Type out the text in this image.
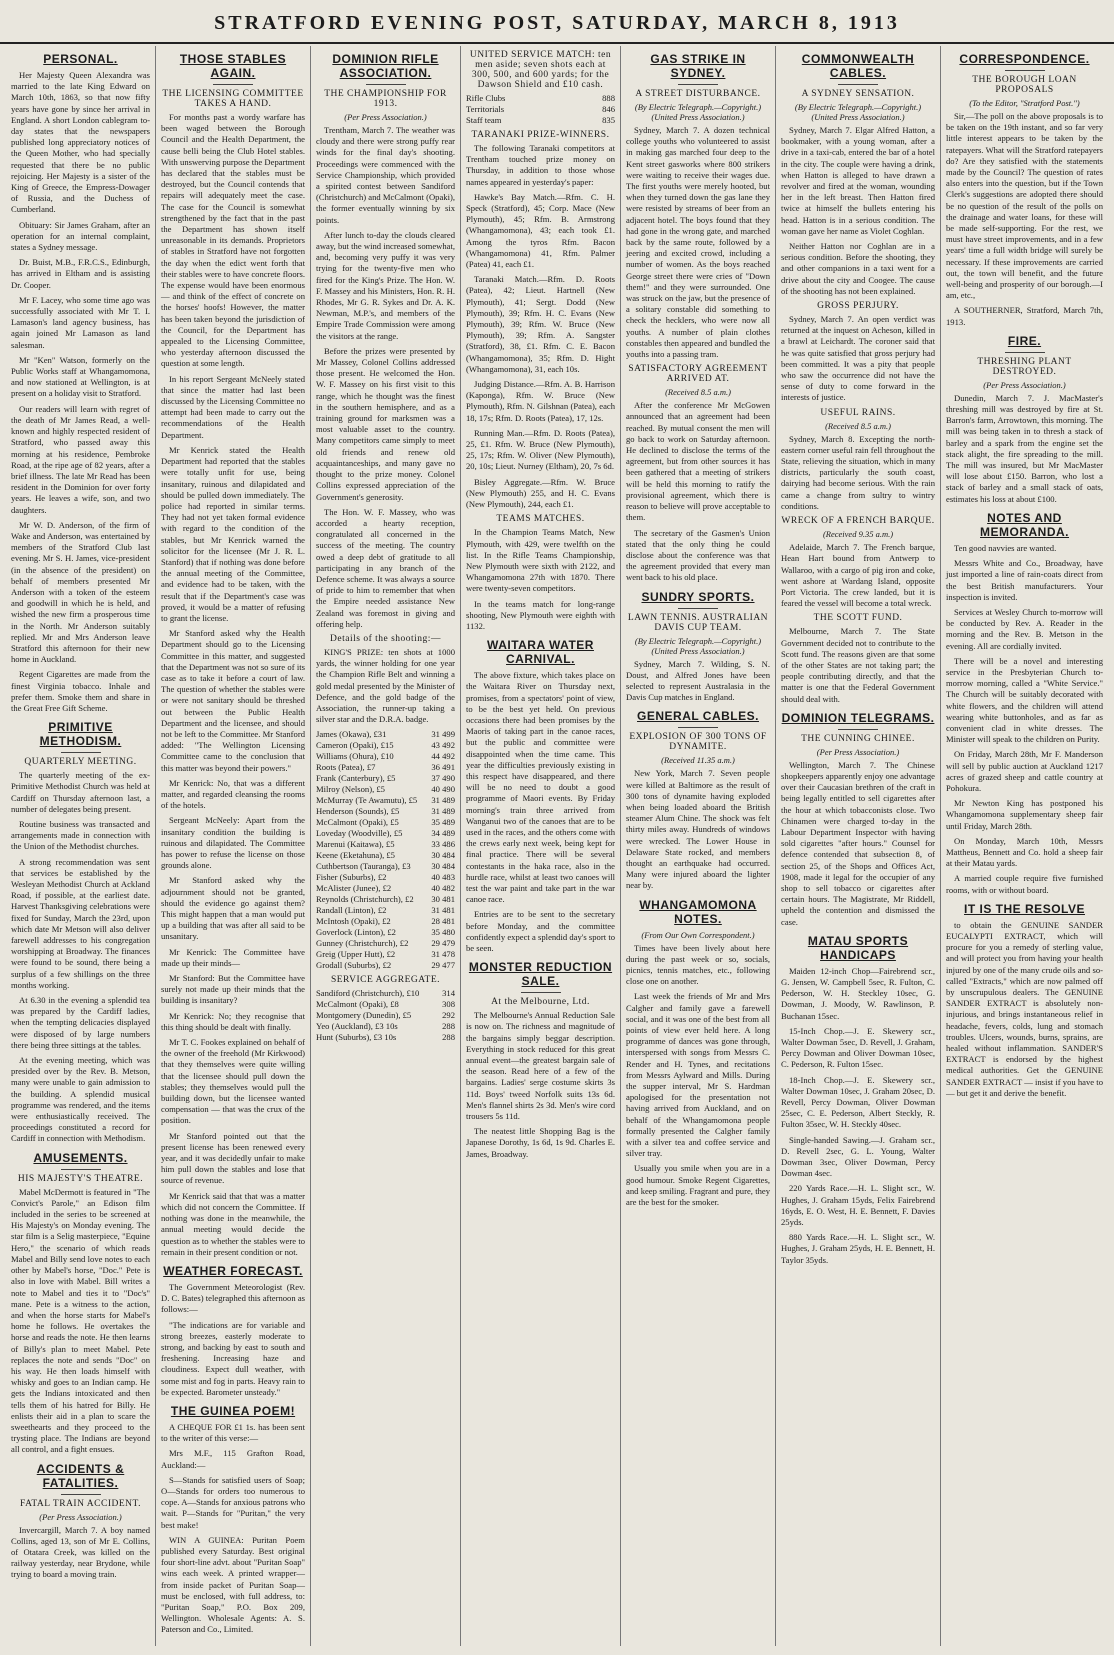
STRATFORD EVENING POST, SATURDAY, MARCH 8, 1913
PERSONAL.

Her Majesty Queen Alexandra was married to the late King Edward on March 10th, 1863, so that now fifty years have gone by since her arrival in England. A short London cablegram to-day states that the newspapers published long appreciatory notices of the Queen Mother, who had specially requested that there be no public rejoicing. Her Majesty is a sister of the King of Greece, the Empress-Dowager of Russia, and the Duchess of Cumberland.

Obituary: Sir James Graham, after an operation for an internal complaint, states a Sydney message.

Dr. Buist, M.B., F.R.C.S., Edinburgh, has arrived in Eltham and is assisting Dr. Cooper.

Mr F. Lacey, who some time ago was successfully associated with Mr T. I. Lamason's land agency business, has again joined Mr Lamason as land salesman.

Mr "Ken" Watson, formerly on the Public Works staff at Whangamomona, and now stationed at Wellington, is at present on a holiday visit to Stratford.

Our readers will learn with regret of the death of Mr James Read, a well-known and highly respected resident of Stratford, who passed away this morning at his residence, Pembroke Road, at the ripe age of 82 years, after a brief illness. The late Mr Read has been resident in the Dominion for over forty years. He leaves a wife, son, and two daughters.

Mr W. D. Anderson, of the firm of Wake and Anderson, was entertained by members of the Stratford Club last evening. Mr S. H. James, vice-president (in the absence of the president) on behalf of members presented Mr Anderson with a token of the esteem and goodwill in which he is held, and wished the new firm a prosperous time in the North. Mr Anderson suitably replied. Mr and Mrs Anderson leave Stratford this afternoon for their new home in Auckland.

Regent Cigarettes are made from the finest Virginia tobacco. Inhale and prefer them. Smoke them and share in the Great Free Gift Scheme.

PRIMITIVE METHODISM.
QUARTERLY MEETING.

The quarterly meeting of the ex-Primitive Methodist Church was held at Cardiff on Thursday afternoon last, a number of delegates being present.

Routine business was transacted and arrangements made in connection with the Union of the Methodist churches.

A strong recommendation was sent that services be established by the Wesleyan Methodist Church at Ackland Road, if possible, at the earliest date. Harvest Thanksgiving celebrations were fixed for Sunday, March the 23rd, upon which date Mr Metson will also deliver farewell addresses to his congregation worshipping at Broadway. The finances were found to be sound, there being a surplus of a few shillings on the three months working.

At 6.30 in the evening a splendid tea was prepared by the Cardiff ladies, when the tempting delicacies displayed were disposed of by large numbers there being three sittings at the tables.

At the evening meeting, which was presided over by the Rev. B. Metson, many were unable to gain admission to the building. A splendid musical programme was rendered, and the items were enthusiastically received. The proceedings constituted a record for Cardiff in connection with Methodism.

AMUSEMENTS.
HIS MAJESTY'S THEATRE.

Mabel McDermott is featured in "The Convict's Parole," an Edison film included in the series to be screened at His Majesty's on Monday evening. The star film is a Selig masterpiece, "Equine Hero," the scenario of which reads Mabel and Billy send love notes to each other by Mabel's horse, "Doc." Pete is also in love with Mabel. Bill writes a note to Mabel and ties it to "Doc's" mane. Pete is a witness to the action, and when the horse starts for Mabel's home he follows. He overtakes the horse and reads the note. He then learns of Billy's plan to meet Mabel. Pete replaces the note and sends "Doc" on his way. He then loads himself with whisky and goes to an Indian camp. He gets the Indians intoxicated and then tells them of his hatred for Billy. He enlists their aid in a plan to scare the sweethearts and they proceed to the trysting place. The Indians are beyond all control, and a fight ensues.

ACCIDENTS & FATALITIES.
FATAL TRAIN ACCIDENT.
(Per Press Association.)

Invercargill, March 7. A boy named Collins, aged 13, son of Mr E. Collins, of Otatara Creek, was killed on the railway yesterday, near Brydone, while trying to board a moving train.

THOSE STABLES AGAIN.
THE LICENSING COMMITTEE TAKES A HAND.

For months past a wordy warfare has been waged between the Borough Council and the Health Department, the cause belli being the Club Hotel stables. With unswerving purpose the Department has declared that the stables must be destroyed, but the Council contends that repairs will adequately meet the case. The case for the Council is somewhat strengthened by the fact that in the past the Department has shown itself unreasonable in its demands. Proprietors of stables in Stratford have not forgotten the day when the edict went forth that their stables were to have concrete floors. The expense would have been enormous — and think of the effect of concrete on the horses' hoofs! However, the matter has been taken beyond the jurisdiction of the Council, for the Department has appealed to the Licensing Committee, who yesterday afternoon discussed the question at some length.

In his report Sergeant McNeely stated that since the matter had last been discussed by the Licensing Committee no attempt had been made to carry out the recommendations of the Health Department.

Mr Kenrick stated the Health Department had reported that the stables were totally unfit for use, being insanitary, ruinous and dilapidated and should be pulled down immediately. The police had reported in similar terms. They had not yet taken formal evidence with regard to the condition of the stables, but Mr Kenrick warned the solicitor for the licensee (Mr J. R. L. Stanford) that if nothing was done before the annual meeting of the Committee, and evidence had to be taken, with the result that if the Department's case was proved, it would be a matter of refusing to grant the license.

Mr Stanford asked why the Health Department should go to the Licensing Committee in this matter, and suggested that the Department was not so sure of its case as to take it before a court of law. The question of whether the stables were or were not sanitary should be threshed out between the Public Health Department and the licensee, and should not be left to the Committee. Mr Stanford added: "The Wellington Licensing Committee came to the conclusion that this matter was beyond their powers."

Mr Kenrick: No, that was a different matter, and regarded cleansing the rooms of the hotels.

Sergeant McNeely: Apart from the insanitary condition the building is ruinous and dilapidated. The Committee has power to refuse the license on those grounds alone.

Mr Stanford asked why the adjournment should not be granted, should the evidence go against them? This might happen that a man would put up a building that was after all said to be unsanitary.

Mr Kenrick: The Committee have made up their minds—

Mr Stanford: But the Committee have surely not made up their minds that the building is insanitary?

Mr Kenrick: No; they recognise that this thing should be dealt with finally.

Mr T. C. Fookes explained on behalf of the owner of the freehold (Mr Kirkwood) that they themselves were quite willing that the licensee should pull down the stables; they themselves would pull the building down, but the licensee wanted compensation — that was the crux of the position.

Mr Stanford pointed out that the present license has been renewed every year, and it was decidedly unfair to make him pull down the stables and lose that source of revenue.

Mr Kenrick said that that was a matter which did not concern the Committee. If nothing was done in the meanwhile, the annual meeting would decide the question as to whether the stables were to remain in their present condition or not.

WEATHER FORECAST.

The Government Meteorologist (Rev. D. C. Bates) telegraphed this afternoon as follows:—

"The indications are for variable and strong breezes, easterly moderate to strong, and backing by east to south and freshening. Increasing haze and cloudiness. Expect dull weather, with some mist and fog in parts. Heavy rain to be expected. Barometer unsteady."

THE GUINEA POEM!

A CHEQUE FOR £1 1s. has been sent to the writer of this verse:—

Mrs M.F., 115 Grafton Road, Auckland:—

S—Stands for satisfied users of Soap; O—Stands for orders too numerous to cope. A—Stands for anxious patrons who wait. P—Stands for "Puritan," the very best make!

WIN A GUINEA: Puritan Poem published every Saturday. Best original four short-line advt. about "Puritan Soap" wins each week. A printed wrapper—from inside packet of Puritan Soap—must be enclosed, with full address, to: "Puritan Soap," P.O. Box 209, Wellington. Wholesale Agents: A. S. Paterson and Co., Limited.

DOMINION RIFLE ASSOCIATION.
THE CHAMPIONSHIP FOR 1913.
(Per Press Association.)

Trentham, March 7. The weather was cloudy and there were strong puffy rear winds for the final day's shooting. Proceedings were commenced with the Service Championship, which provided a spirited contest between Sandiford (Christchurch) and McCalmont (Opaki), the former eventually winning by six points.

After lunch to-day the clouds cleared away, but the wind increased somewhat, and, becoming very puffy it was very trying for the twenty-five men who fired for the King's Prize. The Hon. W. F. Massey and his Ministers, Hon. R. H. Rhodes, Mr G. R. Sykes and Dr. A. K. Newman, M.P.'s, and members of the Empire Trade Commission were among the visitors at the range.

Before the prizes were presented by Mr Massey, Colonel Collins addressed those present. He welcomed the Hon. W. F. Massey on his first visit to this range, which he thought was the finest in the southern hemisphere, and as a training ground for marksmen was a most valuable asset to the country. Many competitors came simply to meet old friends and renew old acquaintanceships, and many gave no thought to the prize money. Colonel Collins expressed appreciation of the Government's generosity.

The Hon. W. F. Massey, who was accorded a hearty reception, congratulated all concerned in the success of the meeting. The country owed a deep debt of gratitude to all participating in any branch of the Defence scheme. It was always a source of pride to him to remember that when the Empire needed assistance New Zealand was foremost in giving and offering help.

Details of the shooting:—

KING'S PRIZE: ten shots at 1000 yards, the winner holding for one year the Champion Rifle Belt and winning a gold medal presented by the Minister of Defence, and the gold badge of the Association, the runner-up taking a silver star and the D.R.A. badge.

James (Okawa), £31	31 499
Cameron (Opaki), £15	43 492
Williams (Ohura), £10	44 492
Roots (Patea), £7	36 491
Frank (Canterbury), £5	37 490
Milroy (Nelson), £5	40 490
McMurray (Te Awamutu), £5 31 489
Henderson (Sounds), £5	31 489
McCalmont (Opaki), £5	35 489
Loveday (Woodville), £5	34 489
Marenui (Kaitawa), £5	33 486
Keene (Eketahuna), £5	30 484
Cuthbertson (Tauranga), £3 30 484
Fisher (Suburbs), £2	40 483
McAlister (Junee), £2	40 482
Reynolds (Christchurch), £2 30 481
Randall (Linton), £2	31 481
McIntosh (Opaki), £2	28 481
Goverlock (Linton), £2	35 480
Gunney (Christchurch), £2	29 479
Greig (Upper Hutt), £2	31 478
Grodall (Suburbs), £2	29 477
SERVICE AGGREGATE.
Sandiford (Christchurch), £10	314
McCalmont (Opaki), £8	308
Montgomery (Dunedin), £5	292
Yeo (Auckland), £3 10s	288
Hunt (Suburbs), £3 10s	288
UNITED SERVICE MATCH: ten men aside; seven shots each at 300, 500, and 600 yards; for the Dawson Shield and £10 cash.
Rifle Clubs	888
Territorials	846
Staff team	835
TARANAKI PRIZE-WINNERS.

The following Taranaki competitors at Trentham touched prize money on Thursday, in addition to those whose names appeared in yesterday's paper:

Hawke's Bay Match.—Rfm. C. H. Speck (Stratford), 45; Corp. Mace (New Plymouth), 45; Rfm. B. Armstrong (Whangamomona), 43; each took £1. Among the tyros Rfm. Bacon (Whangamomona) 41, Rfm. Palmer (Patea) 41, each £1.

Taranaki Match.—Rfm. D. Roots (Patea), 42; Lieut. Hartnell (New Plymouth), 41; Sergt. Dodd (New Plymouth), 39; Rfm. H. C. Evans (New Plymouth), 39; Rfm. W. Bruce (New Plymouth), 39; Rfm. A. Sangster (Stratford), 38, £1. Rfm. C. E. Bacon (Whangamomona), 35; Rfm. D. Hight (Whangamomona), 31, each 10s.

Judging Distance.—Rfm. A. B. Harrison (Kaponga), Rfm. W. Bruce (New Plymouth), Rfm. N. Gilshnan (Patea), each 18, 17s; Rfm. D. Roots (Patea), 17, 12s.

Running Man.—Rfm. D. Roots (Patea), 25, £1. Rfm. W. Bruce (New Plymouth), 25, 17s; Rfm. W. Oliver (New Plymouth), 20, 10s; Lieut. Nurney (Eltham), 20, 7s 6d.

Bisley Aggregate.—Rfm. W. Bruce (New Plymouth) 255, and H. C. Evans (New Plymouth), 244, each £1.

TEAMS MATCHES.

In the Champion Teams Match, New Plymouth, with 429, were twelfth on the list. In the Rifle Teams Championship, New Plymouth were sixth with 2122, and Whangamomona 27th with 1870. There were twenty-seven competitors.

In the teams match for long-range shooting, New Plymouth were eighth with 1132.

WAITARA WATER CARNIVAL.

The above fixture, which takes place on the Waitara River on Thursday next, promises, from a spectators' point of view, to be the best yet held. On previous occasions there had been promises by the Maoris of taking part in the canoe races, but the public and committee were disappointed when the time came. This year the difficulties previously existing in this respect have disappeared, and there will be no need to doubt a good programme of Maori events. By Friday morning's train three arrived from Wanganui two of the canoes that are to be used in the races, and the others come with the crews early next week, being kept for final practice. There will be several contestants in the haka race, also in the hurdle race, whilst at least two canoes will test the war paint and take part in the war canoe race.

Entries are to be sent to the secretary before Monday, and the committee confidently expect a splendid day's sport to be seen.

MONSTER REDUCTION SALE.
At the Melbourne, Ltd.

The Melbourne's Annual Reduction Sale is now on. The richness and magnitude of the bargains simply beggar description. Everything in stock reduced for this great annual event—the greatest bargain sale of the season. Read here of a few of the bargains. Ladies' serge costume skirts 3s 11d. Boys' tweed Norfolk suits 13s 6d. Men's flannel shirts 2s 3d. Men's wire cord trousers 5s 11d.

The neatest little Shopping Bag is the Japanese Dorothy, 1s 6d, 1s 9d. Charles E. James, Broadway.

GAS STRIKE IN SYDNEY.
A STREET DISTURBANCE.
(By Electric Telegraph.—Copyright.) (United Press Association.)

Sydney, March 7. A dozen technical college youths who volunteered to assist in making gas marched four deep to the Kent street gasworks where 800 strikers were waiting to receive their wages due. The first youths were merely hooted, but when they turned down the gas lane they were resisted by streams of beer from an adjacent hotel. The boys found that they had gone in the wrong gate, and marched back by the same route, followed by a jeering and excited crowd, including a number of women. As the boys reached George street there were cries of "Down them!" and they were surrounded. One was struck on the jaw, but the presence of a solitary constable did something to check the hecklers, who were now all youths. A number of plain clothes constables then appeared and bundled the youths into a passing tram.

SATISFACTORY AGREEMENT ARRIVED AT.
(Received 8.5 a.m.)

After the conference Mr McGowen announced that an agreement had been reached. By mutual consent the men will go back to work on Saturday afternoon. He declined to disclose the terms of the agreement, but from other sources it has been gathered that a meeting of strikers will be held this morning to ratify the provisional agreement, which there is reason to believe will prove acceptable to them.

The secretary of the Gasmen's Union stated that the only thing he could disclose about the conference was that the agreement provided that every man went back to his old place.

SUNDRY SPORTS.
LAWN TENNIS. AUSTRALIAN DAVIS CUP TEAM.
(By Electric Telegraph.—Copyright.) (United Press Association.)

Sydney, March 7. Wilding, S. N. Doust, and Alfred Jones have been selected to represent Australasia in the Davis Cup matches in England.

GENERAL CABLES.
EXPLOSION OF 300 TONS OF DYNAMITE.
(Received 11.35 a.m.)

New York, March 7. Seven people were killed at Baltimore as the result of 300 tons of dynamite having exploded when being loaded aboard the British steamer Alum Chine. The shock was felt thirty miles away. Hundreds of windows were wrecked. The Lower House in Delaware State rocked, and members thought an earthquake had occurred. Many were injured aboard the lighter near by.

WHANGAMOMONA NOTES.
(From Our Own Correspondent.)

Times have been lively about here during the past week or so, socials, picnics, tennis matches, etc., following close one on another.

Last week the friends of Mr and Mrs Calgher and family gave a farewell social, and it was one of the best from all points of view ever held here. A long programme of dances was gone through, interspersed with songs from Messrs C. Render and H. Tynes, and recitations from Messrs Aylward and Mills. During the supper interval, Mr S. Hardman apologised for the presentation not having arrived from Auckland, and on behalf of the Whangamomona people formally presented the Calgher family with a silver tea and coffee service and silver tray.

Usually you smile when you are in a good humour. Smoke Regent Cigarettes, and keep smiling. Fragrant and pure, they are the best for the smoker.

COMMONWEALTH CABLES.
A SYDNEY SENSATION.
(By Electric Telegraph.—Copyright.) (United Press Association.)

Sydney, March 7. Elgar Alfred Hatton, a bookmaker, with a young woman, after a drive in a taxi-cab, entered the bar of a hotel in the city. The couple were having a drink, when Hatton is alleged to have drawn a revolver and fired at the woman, wounding her in the left breast. Then Hatton fired twice at himself the bullets entering his head. Hatton is in a serious condition. The woman gave her name as Violet Coghlan.

Neither Hatton nor Coghlan are in a serious condition. Before the shooting, they and other companions in a taxi went for a drive about the city and Coogee. The cause of the shooting has not been explained.

GROSS PERJURY.

Sydney, March 7. An open verdict was returned at the inquest on Acheson, killed in a brawl at Leichardt. The coroner said that he was quite satisfied that gross perjury had been committed. It was a pity that people who saw the occurrence did not have the sense of duty to come forward in the interests of justice.

USEFUL RAINS.
(Received 8.5 a.m.)

Sydney, March 8. Excepting the north-eastern corner useful rain fell throughout the State, relieving the situation, which in many districts, particularly the south coast, dairying had become serious. With the rain came a change from sultry to wintry conditions.

WRECK OF A FRENCH BARQUE.
(Received 9.35 a.m.)

Adelaide, March 7. The French barque, Hean Hart bound from Antwerp to Wallaroo, with a cargo of pig iron and coke, went ashore at Wardang Island, opposite Port Victoria. The crew landed, but it is feared the vessel will become a total wreck.

THE SCOTT FUND.

Melbourne, March 7. The State Government decided not to contribute to the Scott fund. The reasons given are that some of the other States are not taking part; the people contributing directly, and that the matter is one that the Federal Government should deal with.

DOMINION TELEGRAMS.
THE CUNNING CHINEE.
(Per Press Association.)

Wellington, March 7. The Chinese shopkeepers apparently enjoy one advantage over their Caucasian brethren of the craft in being legally entitled to sell cigarettes after the hour at which tobacconists close. Two Chinamen were charged to-day in the Labour Department Inspector with having sold cigarettes "after hours." Counsel for defence contended that subsection 8, of section 25, of the Shops and Offices Act, 1908, made it legal for the occupier of any shop to sell tobacco or cigarettes after certain hours. The Magistrate, Mr Riddell, upheld the contention and dismissed the case.

MATAU SPORTS HANDICAPS

Maiden 12-inch Chop—Fairebrend scr., G. Jensen, W. Campbell 5sec, R. Fulton, C. Pederson, W. H. Steckley 10sec, G. Dowman, J. Moody, W. Rawlinson, P. Buchanan 15sec.

15-Inch Chop.—J. E. Skewery scr., Walter Dowman 5sec, D. Revell, J. Graham, Percy Dowman and Oliver Dowman 10sec, C. Pederson, R. Fulton 15sec.

18-Inch Chop.—J. E. Skewery scr., Walter Dowman 10sec, J. Graham 20sec, D. Revell, Percy Dowman, Oliver Dowman 25sec, C. E. Pederson, Albert Steckly, R. Fulton 35sec, W. H. Steckly 40sec.

Single-handed Sawing.—J. Graham scr., D. Revell 2sec, G. L. Young, Walter Dowman 3sec, Oliver Dowman, Percy Dowman 4sec.

220 Yards Race.—H. L. Slight scr., W. Hughes, J. Graham 15yds, Felix Fairebrend 16yds, E. O. West, H. E. Bennett, F. Davies 25yds.

880 Yards Race.—H. L. Slight scr., W. Hughes, J. Graham 25yds, H. E. Bennett, H. Taylor 35yds.

CORRESPONDENCE.
THE BOROUGH LOAN PROPOSALS
(To the Editor, "Stratford Post.")

Sir,—The poll on the above proposals is to be taken on the 19th instant, and so far very little interest appears to be taken by the ratepayers. What will the Stratford ratepayers do? Are they satisfied with the statements made by the Council? The question of rates also enters into the question, but if the Town Clerk's suggestions are adopted there should be no question of the result of the polls on the drainage and water loans, for these will be made self-supporting. For the rest, we must have street improvements, and in a few years' time a full width bridge will surely be necessary. If these improvements are carried out, the town will benefit, and the future well-being and prosperity of our borough.—I am, etc.,

A SOUTHERNER, Stratford, March 7th, 1913.

FIRE.
THRESHING PLANT DESTROYED.
(Per Press Association.)

Dunedin, March 7. J. MacMaster's threshing mill was destroyed by fire at St. Barron's farm, Arrowtown, this morning. The mill was being taken in to thresh a stack of barley and a spark from the engine set the stack alight, the fire spreading to the mill. The mill was insured, but Mr MacMaster will lose about £150. Barron, who lost a stack of barley and a small stack of oats, estimates his loss at about £100.

NOTES AND MEMORANDA.

Ten good navvies are wanted.

Messrs White and Co., Broadway, have just imported a line of rain-coats direct from the best British manufacturers. Your inspection is invited.

Services at Wesley Church to-morrow will be conducted by Rev. A. Reader in the morning and the Rev. B. Metson in the evening. All are cordially invited.

There will be a novel and interesting service in the Presbyterian Church to-morrow morning, called a "White Service." The Church will be suitably decorated with white flowers, and the children will attend wearing white buttonholes, and as far as convenient clad in white dresses. The Minister will speak to the children on Purity.

On Friday, March 28th, Mr F. Manderson will sell by public auction at Auckland 1217 acres of grazed sheep and cattle country at Pohokura.

Mr Newton King has postponed his Whangamomona supplementary sheep fair until Friday, March 28th.

On Monday, March 10th, Messrs Mattheus, Bennett and Co. hold a sheep fair at their Matau yards.

A married couple require five furnished rooms, with or without board.

IT IS THE RESOLVE

to obtain the GENUINE SANDER EUCALYPTI EXTRACT, which will procure for you a remedy of sterling value, and will protect you from having your health injured by one of the many crude oils and so-called "Extracts," which are now palmed off by unscrupulous dealers. The GENUINE SANDER EXTRACT is absolutely non-injurious, and brings instantaneous relief in headache, fevers, colds, lung and stomach troubles. Ulcers, wounds, burns, sprains, are healed without inflammation. SANDER'S EXTRACT is endorsed by the highest medical authorities. Get the GENUINE SANDER EXTRACT — insist if you have to — but get it and derive the benefit.
